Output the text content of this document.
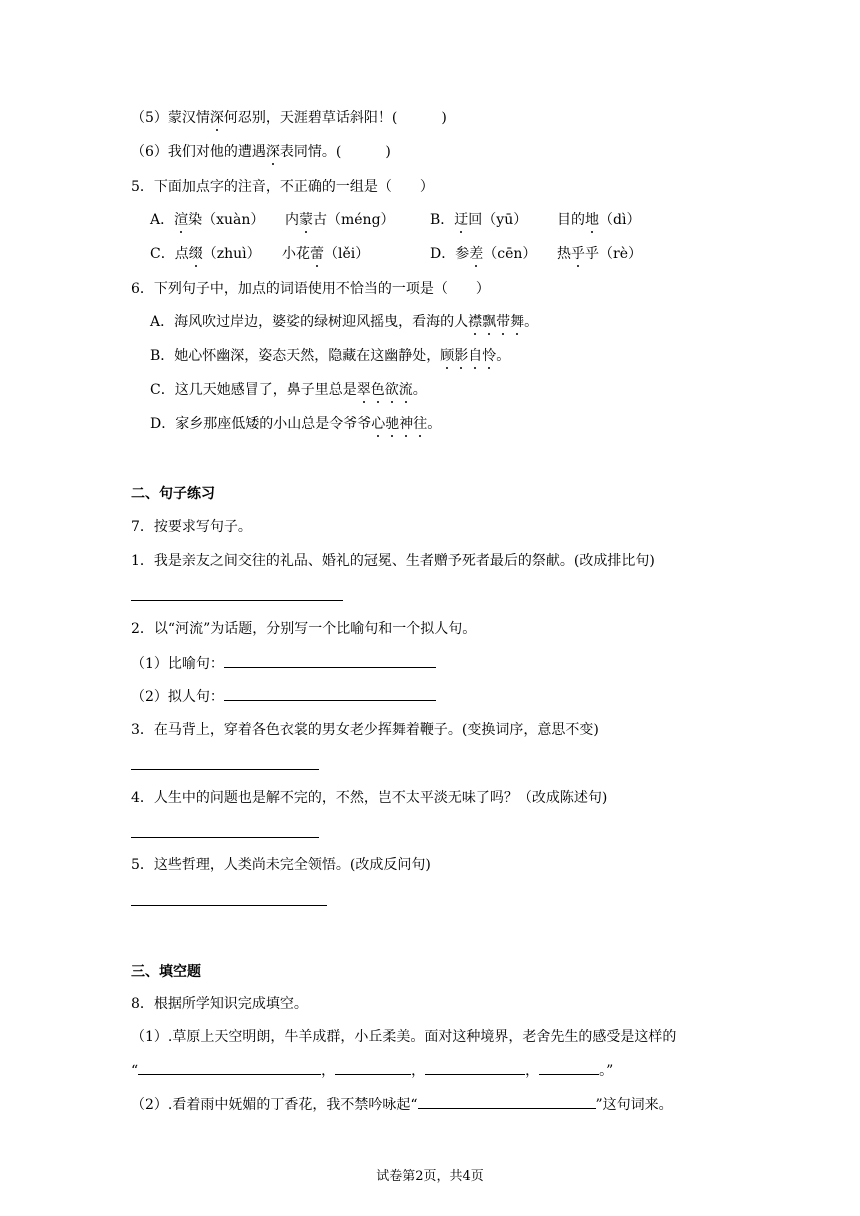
（5）蒙汉情深何忍别，天涯碧草话斜阳！(	)
（6）我们对他的遭遇深表同情。(	)
5．下面加点字的注音，不正确的一组是（　　）
A．渲染（xuàn） 内蒙古（méng）	B．迂回（yū） 目的地（dì）
C．点缀（zhuì） 小花蕾（lěi）	D．参差（cēn） 热乎乎（rè）
6．下列句子中，加点的词语使用不恰当的一项是（　　）
A．海风吹过岸边，婆娑的绿树迎风摇曳，看海的人襟飘带舞。
B．她心怀幽深，姿态天然，隐藏在这幽静处，顾影自怜。
C．这几天她感冒了，鼻子里总是翠色欲流。
D．家乡那座低矮的小山总是令爷爷心驰神往。
二、句子练习
7．按要求写句子。
1．我是亲友之间交往的礼品、婚礼的冠冕、生者赠予死者最后的祭献。(改成排比句)
2．以“河流”为话题，分别写一个比喻句和一个拟人句。
（1）比喻句：
（2）拟人句：
3．在马背上，穿着各色衣裳的男女老少挥舞着鞭子。(变换词序，意思不变)
4．人生中的问题也是解不完的，不然，岂不太平淡无味了吗？（改成陈述句)
5．这些哲理，人类尚未完全领悟。(改成反问句)
三、填空题
8．根据所学知识完成填空。
（1）.草原上天空明朗，牛羊成群，小丘柔美。面对这种境界，老舍先生的感受是这样的
“	，	，	，	。”
（2）.看着雨中妩媚的丁香花，我不禁吟咏起“	”这句词来。
试卷第2页，共4页
